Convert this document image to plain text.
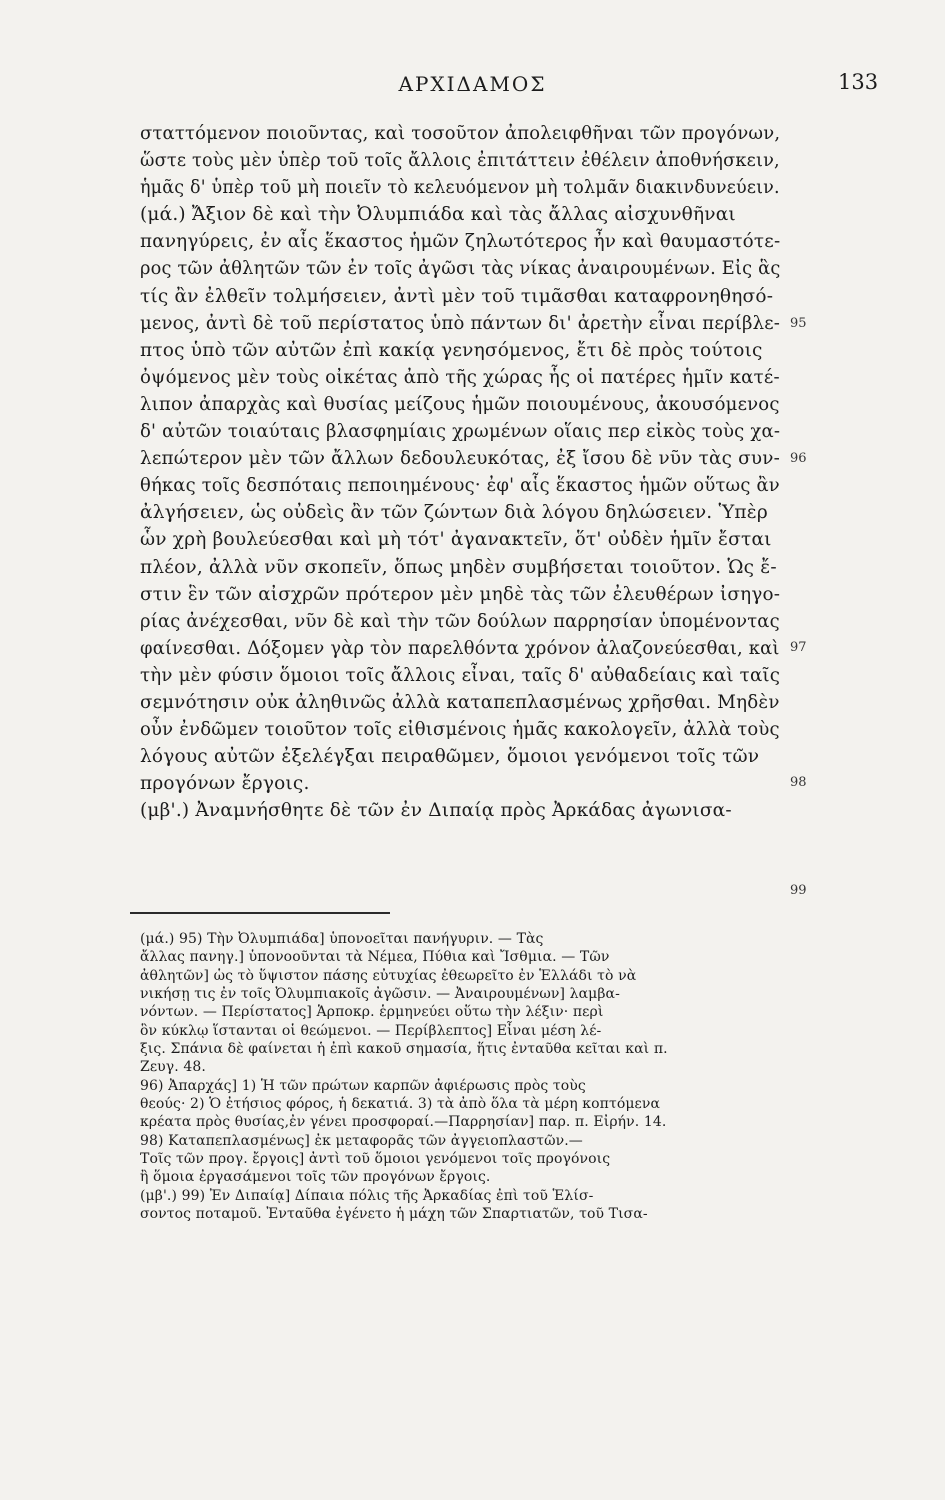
ΑΡΧΙΔΑΜΟΣ	133
σταττόμενον ποιοῦντας, καὶ τοσοῦτον ἀπολειφθῆναι τῶν προγόνων,
ὥστε τοὺς μὲν ὑπὲρ τοῦ τοῖς ἄλλοις ἐπιτάττειν ἐθέλειν ἀποθνήσκειν,
ἡμᾶς δ' ὑπὲρ τοῦ μὴ ποιεῖν τὸ κελευόμενον μὴ τολμᾶν διακινδυνεύειν.
(μά.) Ἄξιον δὲ καὶ τὴν Ὀλυμπιάδα καὶ τὰς ἄλλας αἰσχυνθῆναι
πανηγύρεις, ἐν αἷς ἕκαστος ἡμῶν ζηλωτότερος ἦν καὶ θαυμαστότε-
ρος τῶν ἀθλητῶν τῶν ἐν τοῖς ἀγῶσι τὰς νίκας ἀναιρουμένων. Εἰς ἃς
τίς ἂν ἐλθεῖν τολμήσειεν, ἀντὶ μὲν τοῦ τιμᾶσθαι καταφρονηθησό-
μενος, ἀντὶ δὲ τοῦ περίστατος ὑπὸ πάντων δι' ἀρετὴν εἶναι περίβλε-
πτος ὑπὸ τῶν αὐτῶν ἐπὶ κακίᾳ γενησόμενος, ἔτι δὲ πρὸς τούτοις
ὀψόμενος μὲν τοὺς οἰκέτας ἀπὸ τῆς χώρας ἧς οἱ πατέρες ἡμῖν κατέ-
λιπον ἀπαρχὰς καὶ θυσίας μείζους ἡμῶν ποιουμένους, ἀκουσόμενος
δ' αὐτῶν τοιαύταις βλασφημίαις χρωμένων οἵαις περ εἰκὸς τοὺς χα-
λεπώτερον μὲν τῶν ἄλλων δεδουλευκότας, ἐξ ἴσου δὲ νῦν τὰς συν-
θήκας τοῖς δεσπόταις πεποιημένους· ἐφ' αἷς ἕκαστος ἡμῶν οὕτως ἂν
ἀλγήσειεν, ὡς οὐδεὶς ἂν τῶν ζώντων διὰ λόγου δηλώσειεν. Ὑπὲρ
ὧν χρὴ βουλεύεσθαι καὶ μὴ τότ' ἀγανακτεῖν, ὅτ' οὐδὲν ἡμῖν ἔσται
πλέον, ἀλλὰ νῦν σκοπεῖν, ὅπως μηδὲν συμβήσεται τοιοῦτον. Ὡς ἔ-
στιν ἓν τῶν αἰσχρῶν πρότερον μὲν μηδὲ τὰς τῶν ἐλευθέρων ἰσηγο-
ρίας ἀνέχεσθαι, νῦν δὲ καὶ τὴν τῶν δούλων παρρησίαν ὑπομένοντας
φαίνεσθαι. Δόξομεν γὰρ τὸν παρελθόντα χρόνον ἀλαζονεύεσθαι, καὶ
τὴν μὲν φύσιν ὅμοιοι τοῖς ἄλλοις εἶναι, ταῖς δ' αὐθαδείαις καὶ ταῖς
σεμνότησιν οὐκ ἀληθινῶς ἀλλὰ καταπεπλασμένως χρῆσθαι. Μηδὲν
οὖν ἐνδῶμεν τοιοῦτον τοῖς εἰθισμένοις ἡμᾶς κακολογεῖν, ἀλλὰ τοὺς
λόγους αὐτῶν ἐξελέγξαι πειραθῶμεν, ὅμοιοι γενόμενοι τοῖς τῶν
προγόνων ἔργοις.
(μβ'.) Ἀναμνήσθητε δὲ τῶν ἐν Διπαίᾳ πρὸς Ἀρκάδας ἀγωνισα-
95
96
97
98
99
(μά.) 95) Τὴν Ὀλυμπιάδα] ὑπονοεῖται πανήγυριν. — Τὰς
ἄλλας πανηγ.] ὑπονοοῦνται τὰ Νέμεα, Πύθια καὶ Ἴσθμια. — Τῶν
ἀθλητῶν] ὡς τὸ ὕψιστον πάσης εὐτυχίας ἐθεωρεῖτο ἐν Ἑλλάδι τὸ νὰ
νικήσῃ τις ἐν τοῖς Ὀλυμπιακοῖς ἀγῶσιν. — Ἀναιρουμένων] λαμβα-
νόντων. — Περίστατος] Ἁρποκρ. ἑρμηνεύει οὕτω τὴν λέξιν· περὶ
ὃν κύκλῳ ἵστανται οἱ θεώμενοι. — Περίβλεπτος] Εἶναι μέση λέ-
ξις. Σπάνια δὲ φαίνεται ἡ ἐπὶ κακοῦ σημασία, ἥτις ἐνταῦθα κεῖται καὶ π.
Ζευγ. 48.
96) Ἀπαρχάς] 1) Ἡ τῶν πρώτων καρπῶν ἀφιέρωσις πρὸς τοὺς
θεούς· 2) Ὁ ἐτήσιος φόρος, ἡ δεκατιά. 3) τὰ ἀπὸ ὅλα τὰ μέρη κοπτόμενα
κρέατα πρὸς θυσίας,ἐν γένει προσφοραί.—Παρρησίαν] παρ. π. Εἰρήν. 14.
98) Καταπεπλασμένως] ἐκ μεταφορᾶς τῶν ἀγγειοπλαστῶν.—
Τοῖς τῶν προγ. ἔργοις] ἀντὶ τοῦ ὅμοιοι γενόμενοι τοῖς προγόνοις
ἢ ὅμοια ἐργασάμενοι τοῖς τῶν προγόνων ἔργοις.
(μβ'.) 99) Ἐν Διπαίᾳ] Δίπαια πόλις τῆς Ἀρκαδίας ἐπὶ τοῦ Ἑλίσ-
σοντος ποταμοῦ. Ἐνταῦθα ἐγένετο ἡ μάχη τῶν Σπαρτιατῶν, τοῦ Τισα-
